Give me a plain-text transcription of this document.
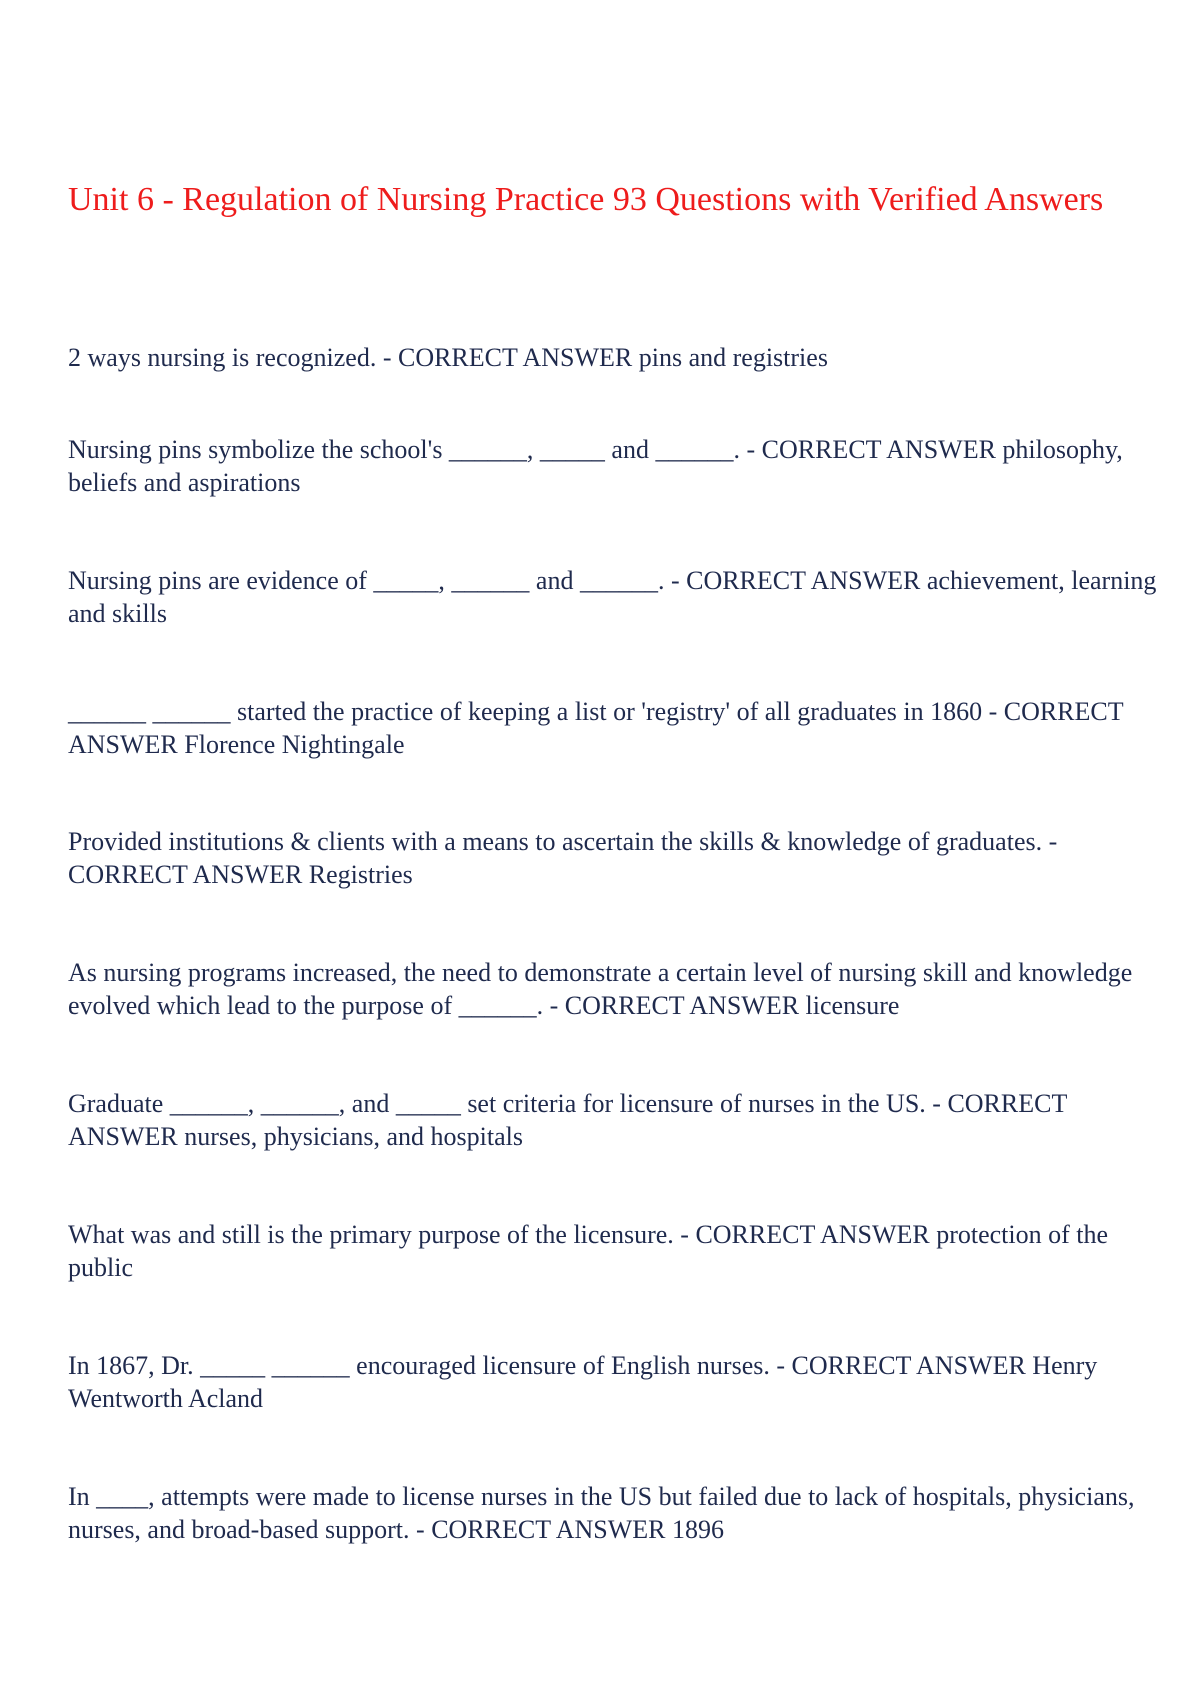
Unit 6 - Regulation of Nursing Practice 93 Questions with Verified Answers

2 ways nursing is recognized. - CORRECT ANSWER pins and registries

Nursing pins symbolize the school's ______, _____ and ______. - CORRECT ANSWER philosophy, beliefs and aspirations

Nursing pins are evidence of _____, ______ and ______. - CORRECT ANSWER achievement, learning and skills

______ ______ started the practice of keeping a list or 'registry' of all graduates in 1860 - CORRECT ANSWER Florence Nightingale

Provided institutions & clients with a means to ascertain the skills & knowledge of graduates. - CORRECT ANSWER Registries

As nursing programs increased, the need to demonstrate a certain level of nursing skill and knowledge evolved which lead to the purpose of ______. - CORRECT ANSWER licensure

Graduate ______, ______, and _____ set criteria for licensure of nurses in the US. - CORRECT ANSWER nurses, physicians, and hospitals

What was and still is the primary purpose of the licensure. - CORRECT ANSWER protection of the public

In 1867, Dr. _____ ______ encouraged licensure of English nurses. - CORRECT ANSWER Henry Wentworth Acland

In ____, attempts were made to license nurses in the US but failed due to lack of hospitals, physicians, nurses, and broad-based support. - CORRECT ANSWER 1896
